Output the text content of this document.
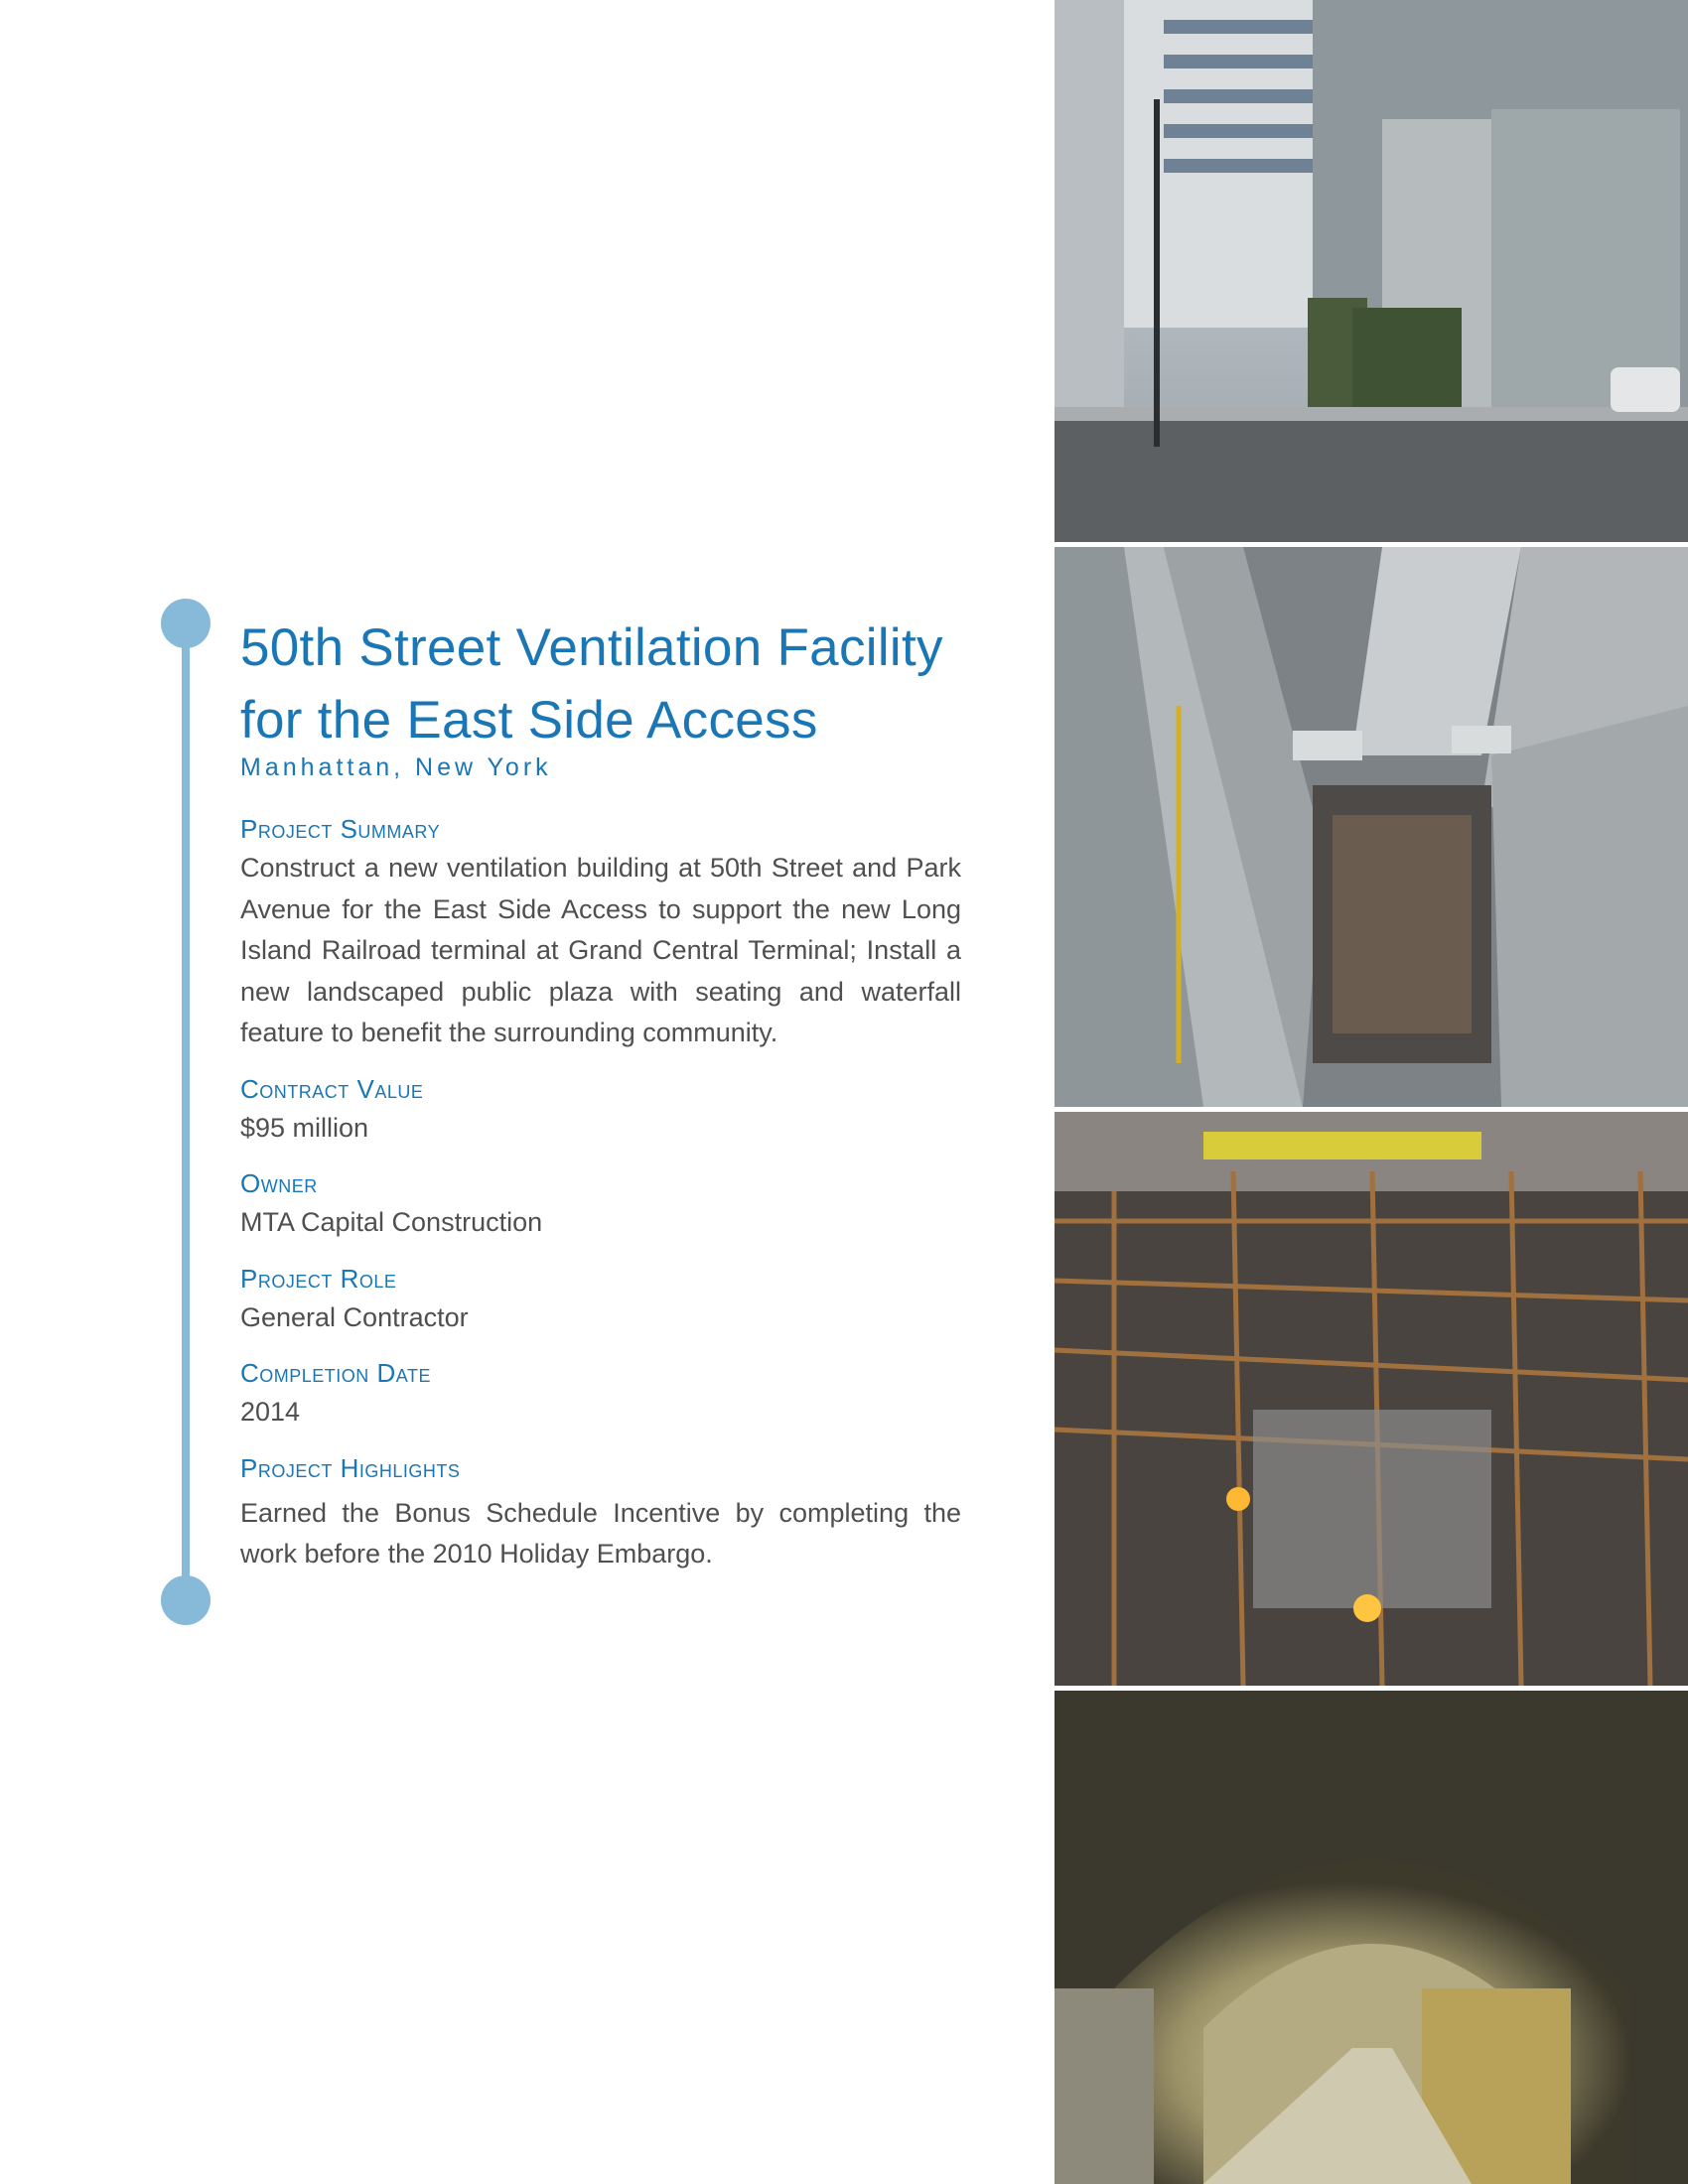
50th Street Ventilation Facility
for the East Side Access
Manhattan, New York
Project Summary

Construct a new ventilation building at 50th Street and Park Avenue for the East Side Access to support the new Long Island Railroad terminal at Grand Central Terminal; Install a new landscaped public plaza with seating and waterfall feature to benefit the surrounding community.

Contract Value

$95 million

Owner

MTA Capital Construction

Project Role

General Contractor

Completion Date

2014

Project Highlights

Earned the Bonus Schedule Incentive by completing the work before the 2010 Holiday Embargo.
